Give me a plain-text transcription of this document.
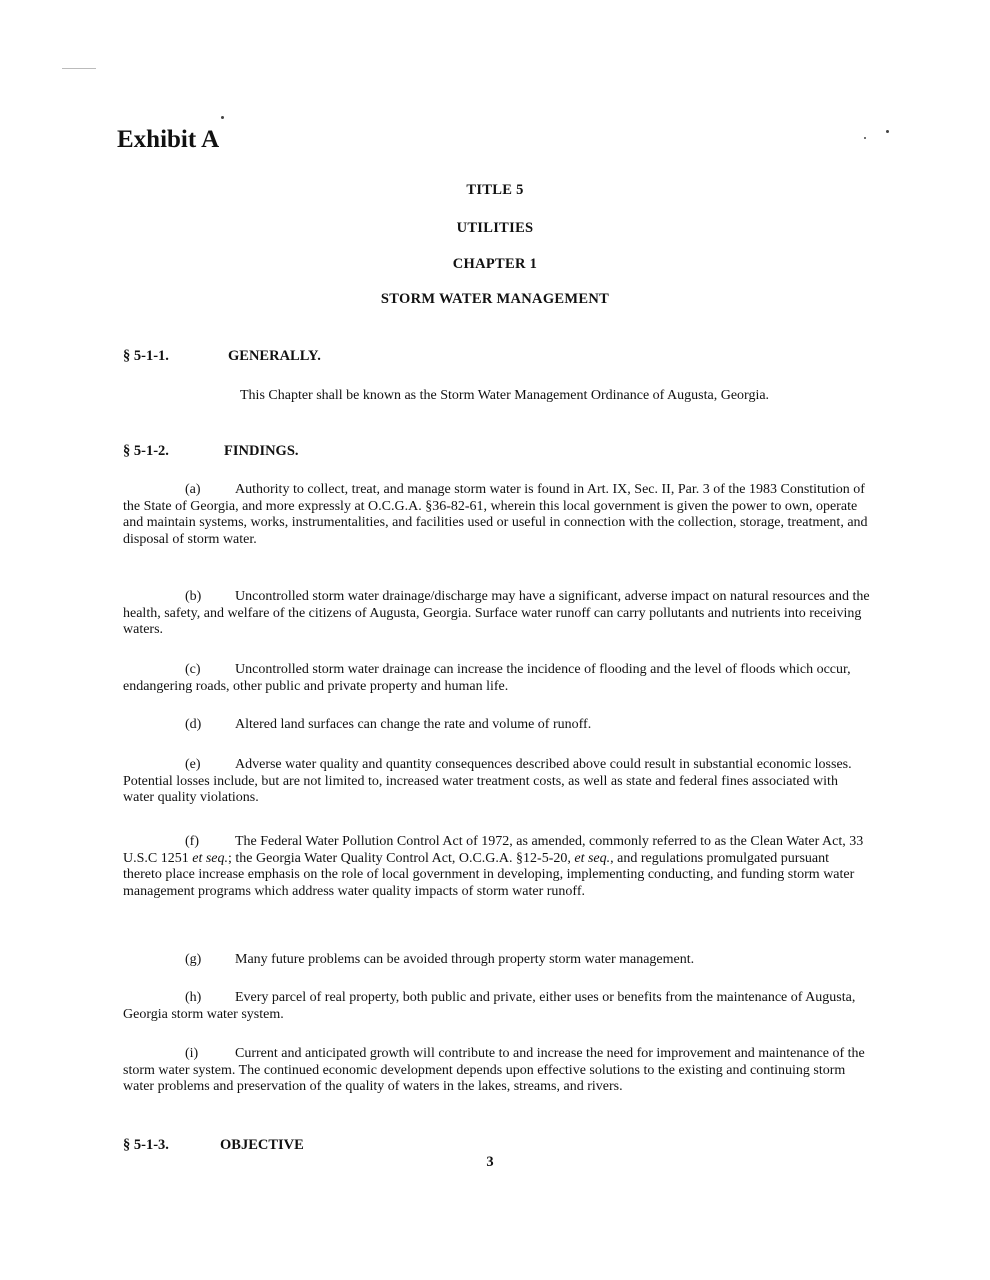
Exhibit A

TITLE 5

UTILITIES

CHAPTER 1

STORM WATER MANAGEMENT

§ 5-1-1.	GENERALLY.

This Chapter shall be known as the Storm Water Management Ordinance of Augusta, Georgia.

§ 5-1-2.	FINDINGS.

(a) Authority to collect, treat, and manage storm water is found in Art. IX, Sec. II, Par. 3 of the 1983 Constitution of the State of Georgia, and more expressly at O.C.G.A. §36-82-61, wherein this local government is given the power to own, operate and maintain systems, works, instrumentalities, and facilities used or useful in connection with the collection, storage, treatment, and disposal of storm water.

(b) Uncontrolled storm water drainage/discharge may have a significant, adverse impact on natural resources and the health, safety, and welfare of the citizens of Augusta, Georgia. Surface water runoff can carry pollutants and nutrients into receiving waters.

(c) Uncontrolled storm water drainage can increase the incidence of flooding and the level of floods which occur, endangering roads, other public and private property and human life.

(d) Altered land surfaces can change the rate and volume of runoff.

(e) Adverse water quality and quantity consequences described above could result in substantial economic losses. Potential losses include, but are not limited to, increased water treatment costs, as well as state and federal fines associated with water quality violations.

(f)	The Federal Water Pollution Control Act of 1972, as amended, commonly referred to as the Clean Water Act, 33 U.S.C 1251 et seq.; the Georgia Water Quality Control Act, O.C.G.A. §12-5-20, et seq., and regulations promulgated pursuant thereto place increase emphasis on the role of local government in developing, implementing conducting, and funding storm water management programs which address water quality impacts of storm water runoff.

(g) Many future problems can be avoided through property storm water management.

(h) Every parcel of real property, both public and private, either uses or benefits from the maintenance of Augusta, Georgia storm water system.

(i)	Current and anticipated growth will contribute to and increase the need for improvement and maintenance of the storm water system. The continued economic development depends upon effective solutions to the existing and continuing storm water problems and preservation of the quality of waters in the lakes, streams, and rivers.

§ 5-1-3.	OBJECTIVE
3
